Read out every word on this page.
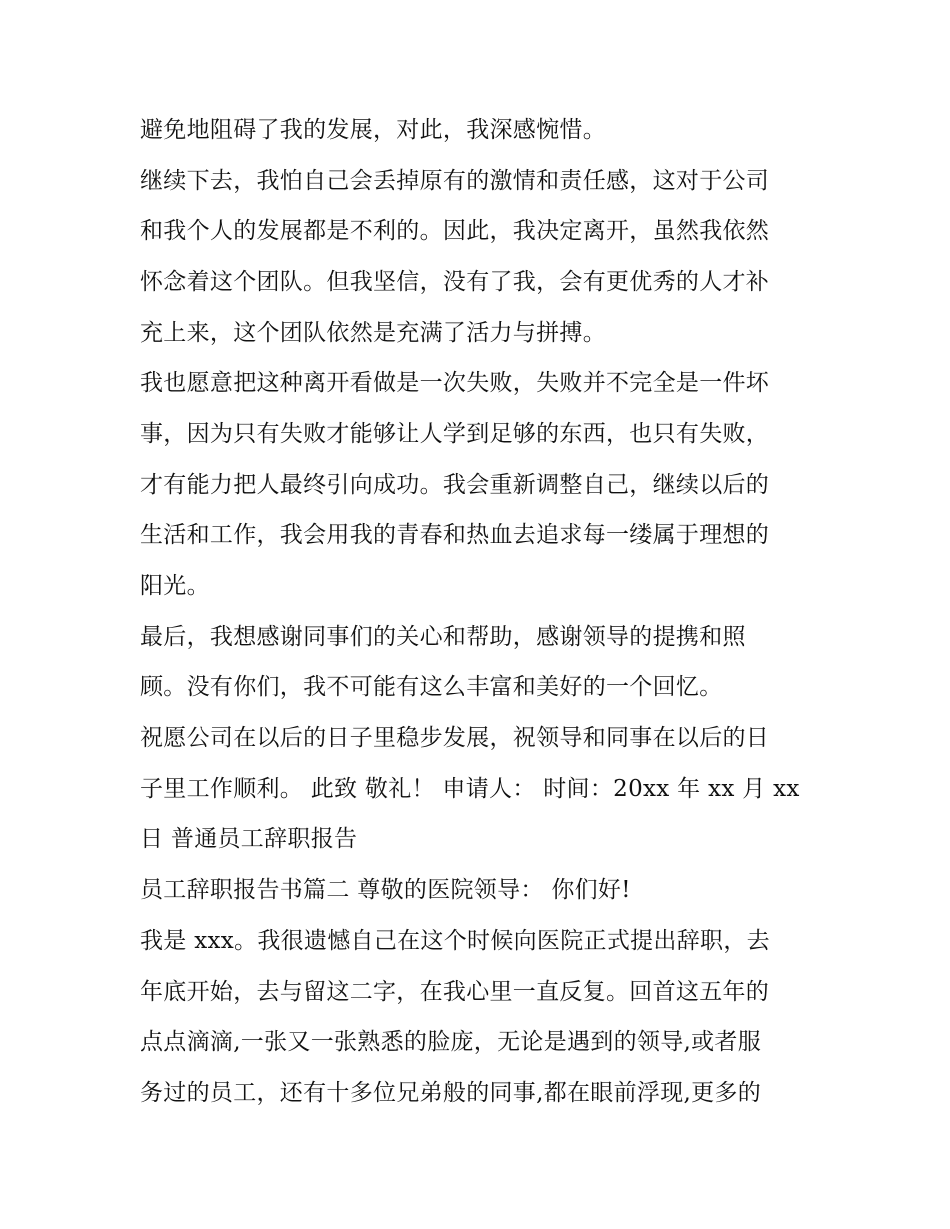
避免地阻碍了我的发展，对此，我深感惋惜。
继续下去，我怕自己会丢掉原有的激情和责任感，这对于公司
和我个人的发展都是不利的。因此，我决定离开，虽然我依然
怀念着这个团队。但我坚信，没有了我，会有更优秀的人才补
充上来，这个团队依然是充满了活力与拼搏。
我也愿意把这种离开看做是一次失败，失败并不完全是一件坏
事，因为只有失败才能够让人学到足够的东西，也只有失败，
才有能力把人最终引向成功。我会重新调整自己，继续以后的
生活和工作，我会用我的青春和热血去追求每一缕属于理想的
阳光。
最后，我想感谢同事们的关心和帮助，感谢领导的提携和照
顾。没有你们，我不可能有这么丰富和美好的一个回忆。
祝愿公司在以后的日子里稳步发展，祝领导和同事在以后的日
子里工作顺利。 此致 敬礼！ 申请人： 时间：20xx 年 xx 月 xx
日 普通员工辞职报告
员工辞职报告书篇二 尊敬的医院领导： 你们好!
我是 xxx。我很遗憾自己在这个时候向医院正式提出辞职，去
年底开始，去与留这二字，在我心里一直反复。回首这五年的
点点滴滴,一张又一张熟悉的脸庞，无论是遇到的领导,或者服
务过的员工，还有十多位兄弟般的同事,都在眼前浮现,更多的
